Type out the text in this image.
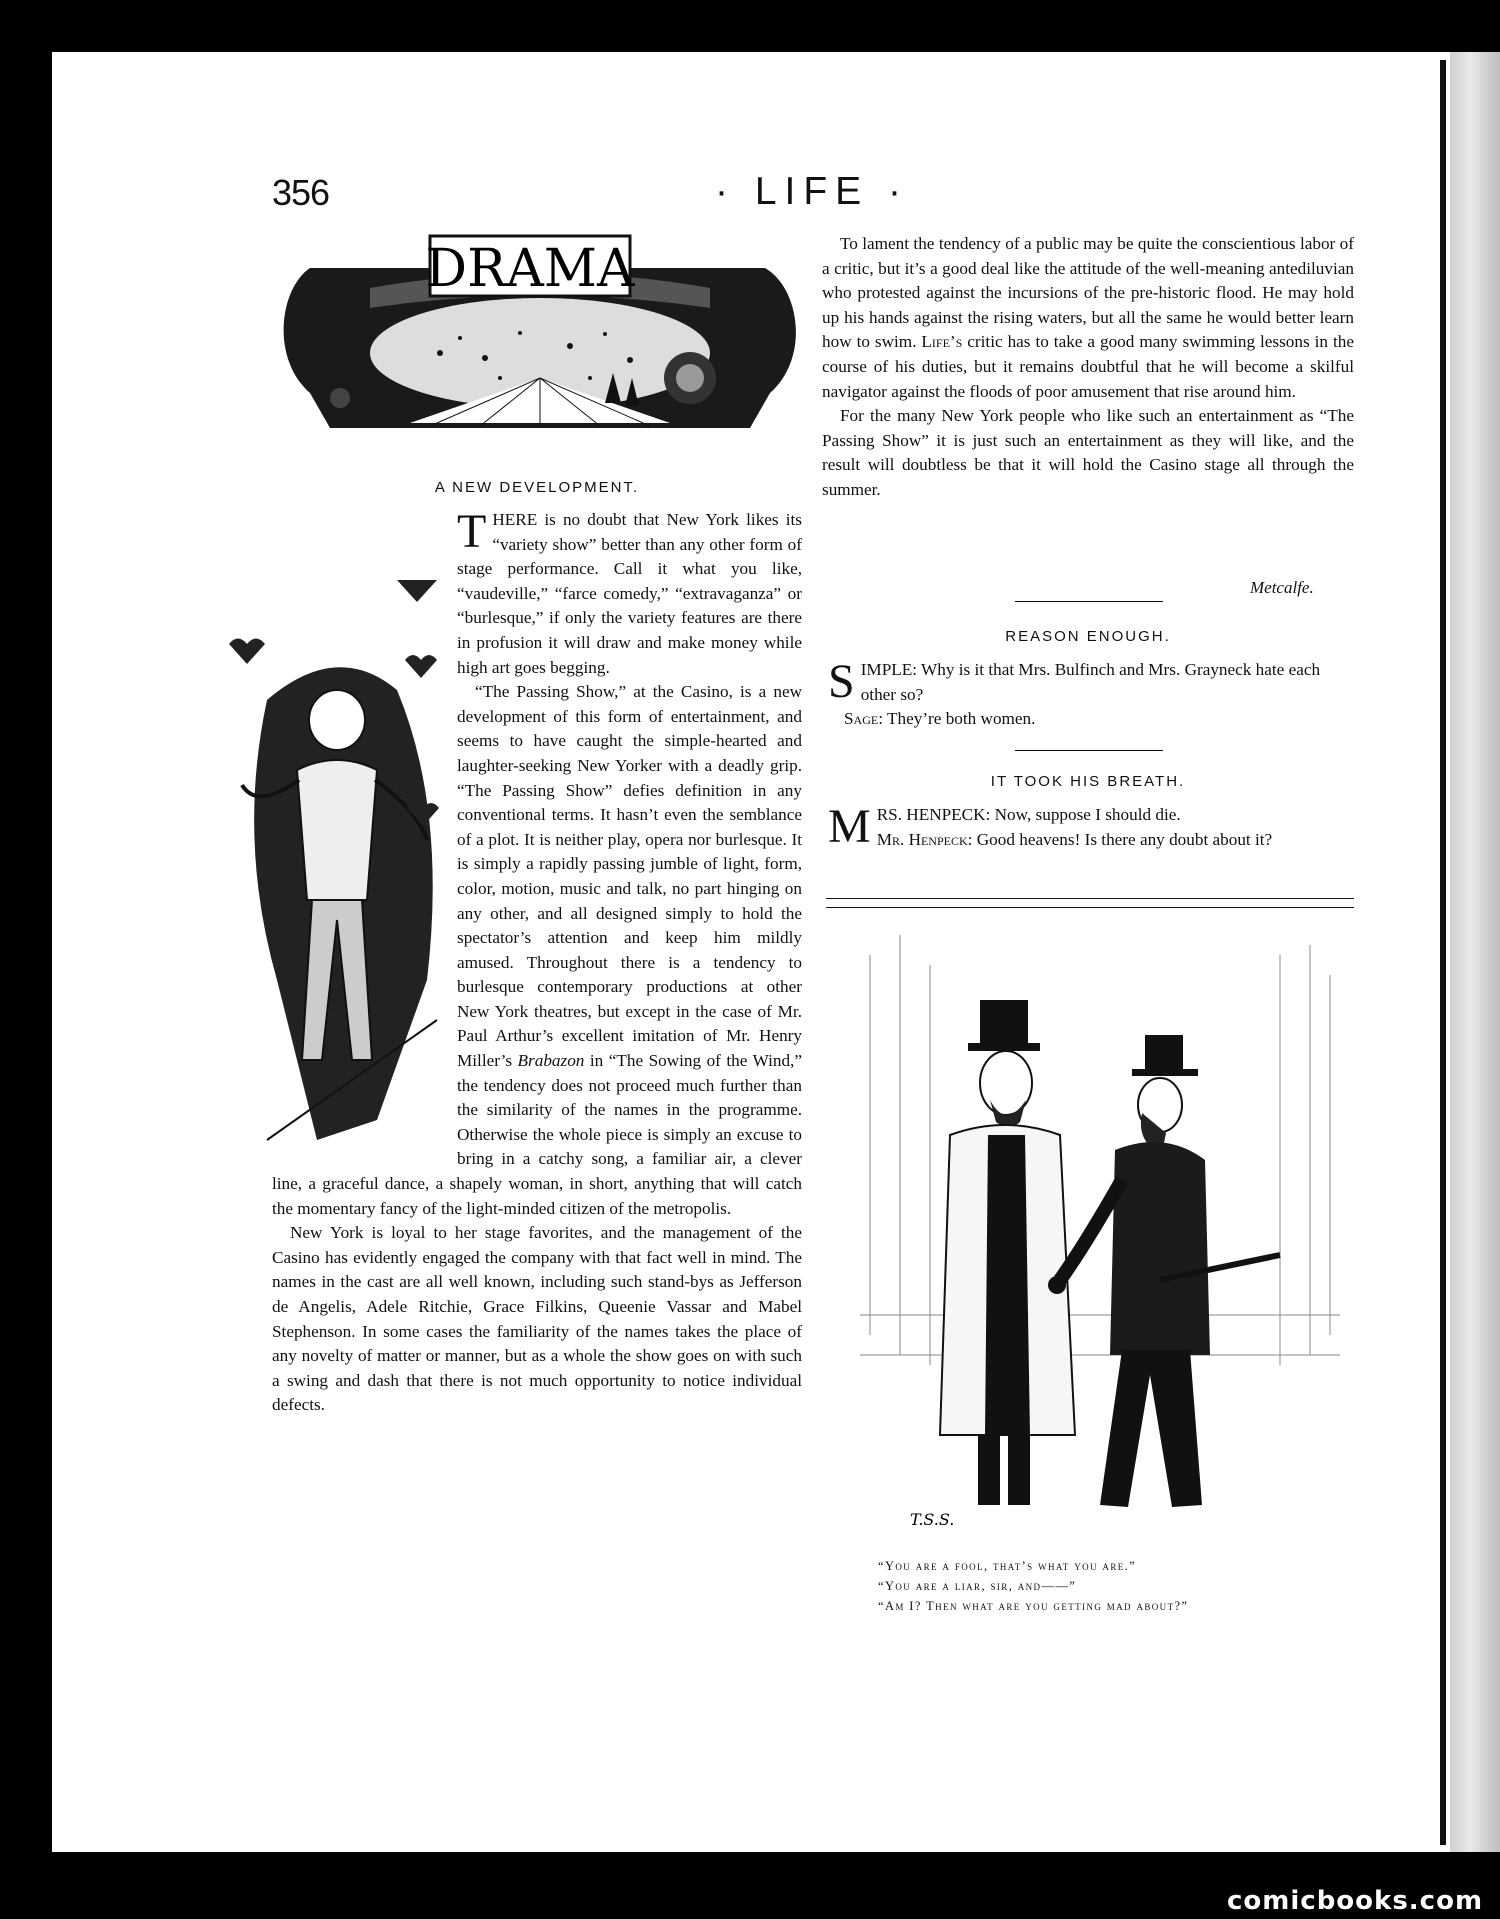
356	· LIFE ·
DRAMA
A NEW DEVELOPMENT.

T HERE is no doubt that New York likes its “variety show” better than any other form of stage performance. Call it what you like, “vaudeville,” “farce comedy,” “extravaganza” or “burlesque,” if only the variety features are there in profusion it will draw and make money while high art goes begging.

“The Passing Show,” at the Casino, is a new development of this form of entertainment, and seems to have caught the simple-hearted and laughter-seeking New Yorker with a deadly grip. “The Passing Show” defies definition in any conventional terms. It hasn’t even the semblance of a plot. It is neither play, opera nor burlesque. It is simply a rapidly passing jumble of light, form, color, motion, music and talk, no part hinging on any other, and all designed simply to hold the spectator’s attention and keep him mildly amused. Throughout there is a tendency to burlesque contemporary productions at other New York theatres, but except in the case of Mr. Paul Arthur’s excellent imitation of Mr. Henry Miller’s Brabazon in “The Sowing of the Wind,” the tendency does not proceed much further than the similarity of the names in the programme. Otherwise the whole piece is simply an excuse to bring in a catchy song, a familiar air, a clever line, a graceful dance, a shapely woman, in short, anything that will catch the momentary fancy of the light-minded citizen of the metropolis.

New York is loyal to her stage favorites, and the management of the Casino has evidently engaged the company with that fact well in mind. The names in the cast are all well known, including such stand-bys as Jefferson de Angelis, Adele Ritchie, Grace Filkins, Queenie Vassar and Mabel Stephenson. In some cases the familiarity of the names takes the place of any novelty of matter or manner, but as a whole the show goes on with such a swing and dash that there is not much opportunity to notice individual defects.

To lament the tendency of a public may be quite the conscientious labor of a critic, but it’s a good deal like the attitude of the well-meaning antediluvian who protested against the incursions of the pre-historic flood. He may hold up his hands against the rising waters, but all the same he would better learn how to swim. Life’s critic has to take a good many swimming lessons in the course of his duties, but it remains doubtful that he will become a skilful navigator against the floods of poor amusement that rise around him.

For the many New York people who like such an entertainment as “The Passing Show” it is just such an entertainment as they will like, and the result will doubtless be that it will hold the Casino stage all through the summer.

Metcalfe.
REASON ENOUGH.
S IMPLE: Why is it that Mrs. Bulfinch and Mrs. Grayneck hate each other so?
Sage: They’re both women.
IT TOOK HIS BREATH.
M RS. HENPECK: Now, suppose I should die.
Mr. Henpeck: Good heavens! Is there any doubt about it?
T.S.S.
“You are a fool, that’s what you are.”
“You are a liar, sir, and——”
“Am I? Then what are you getting mad about?”
comicbooks.com
